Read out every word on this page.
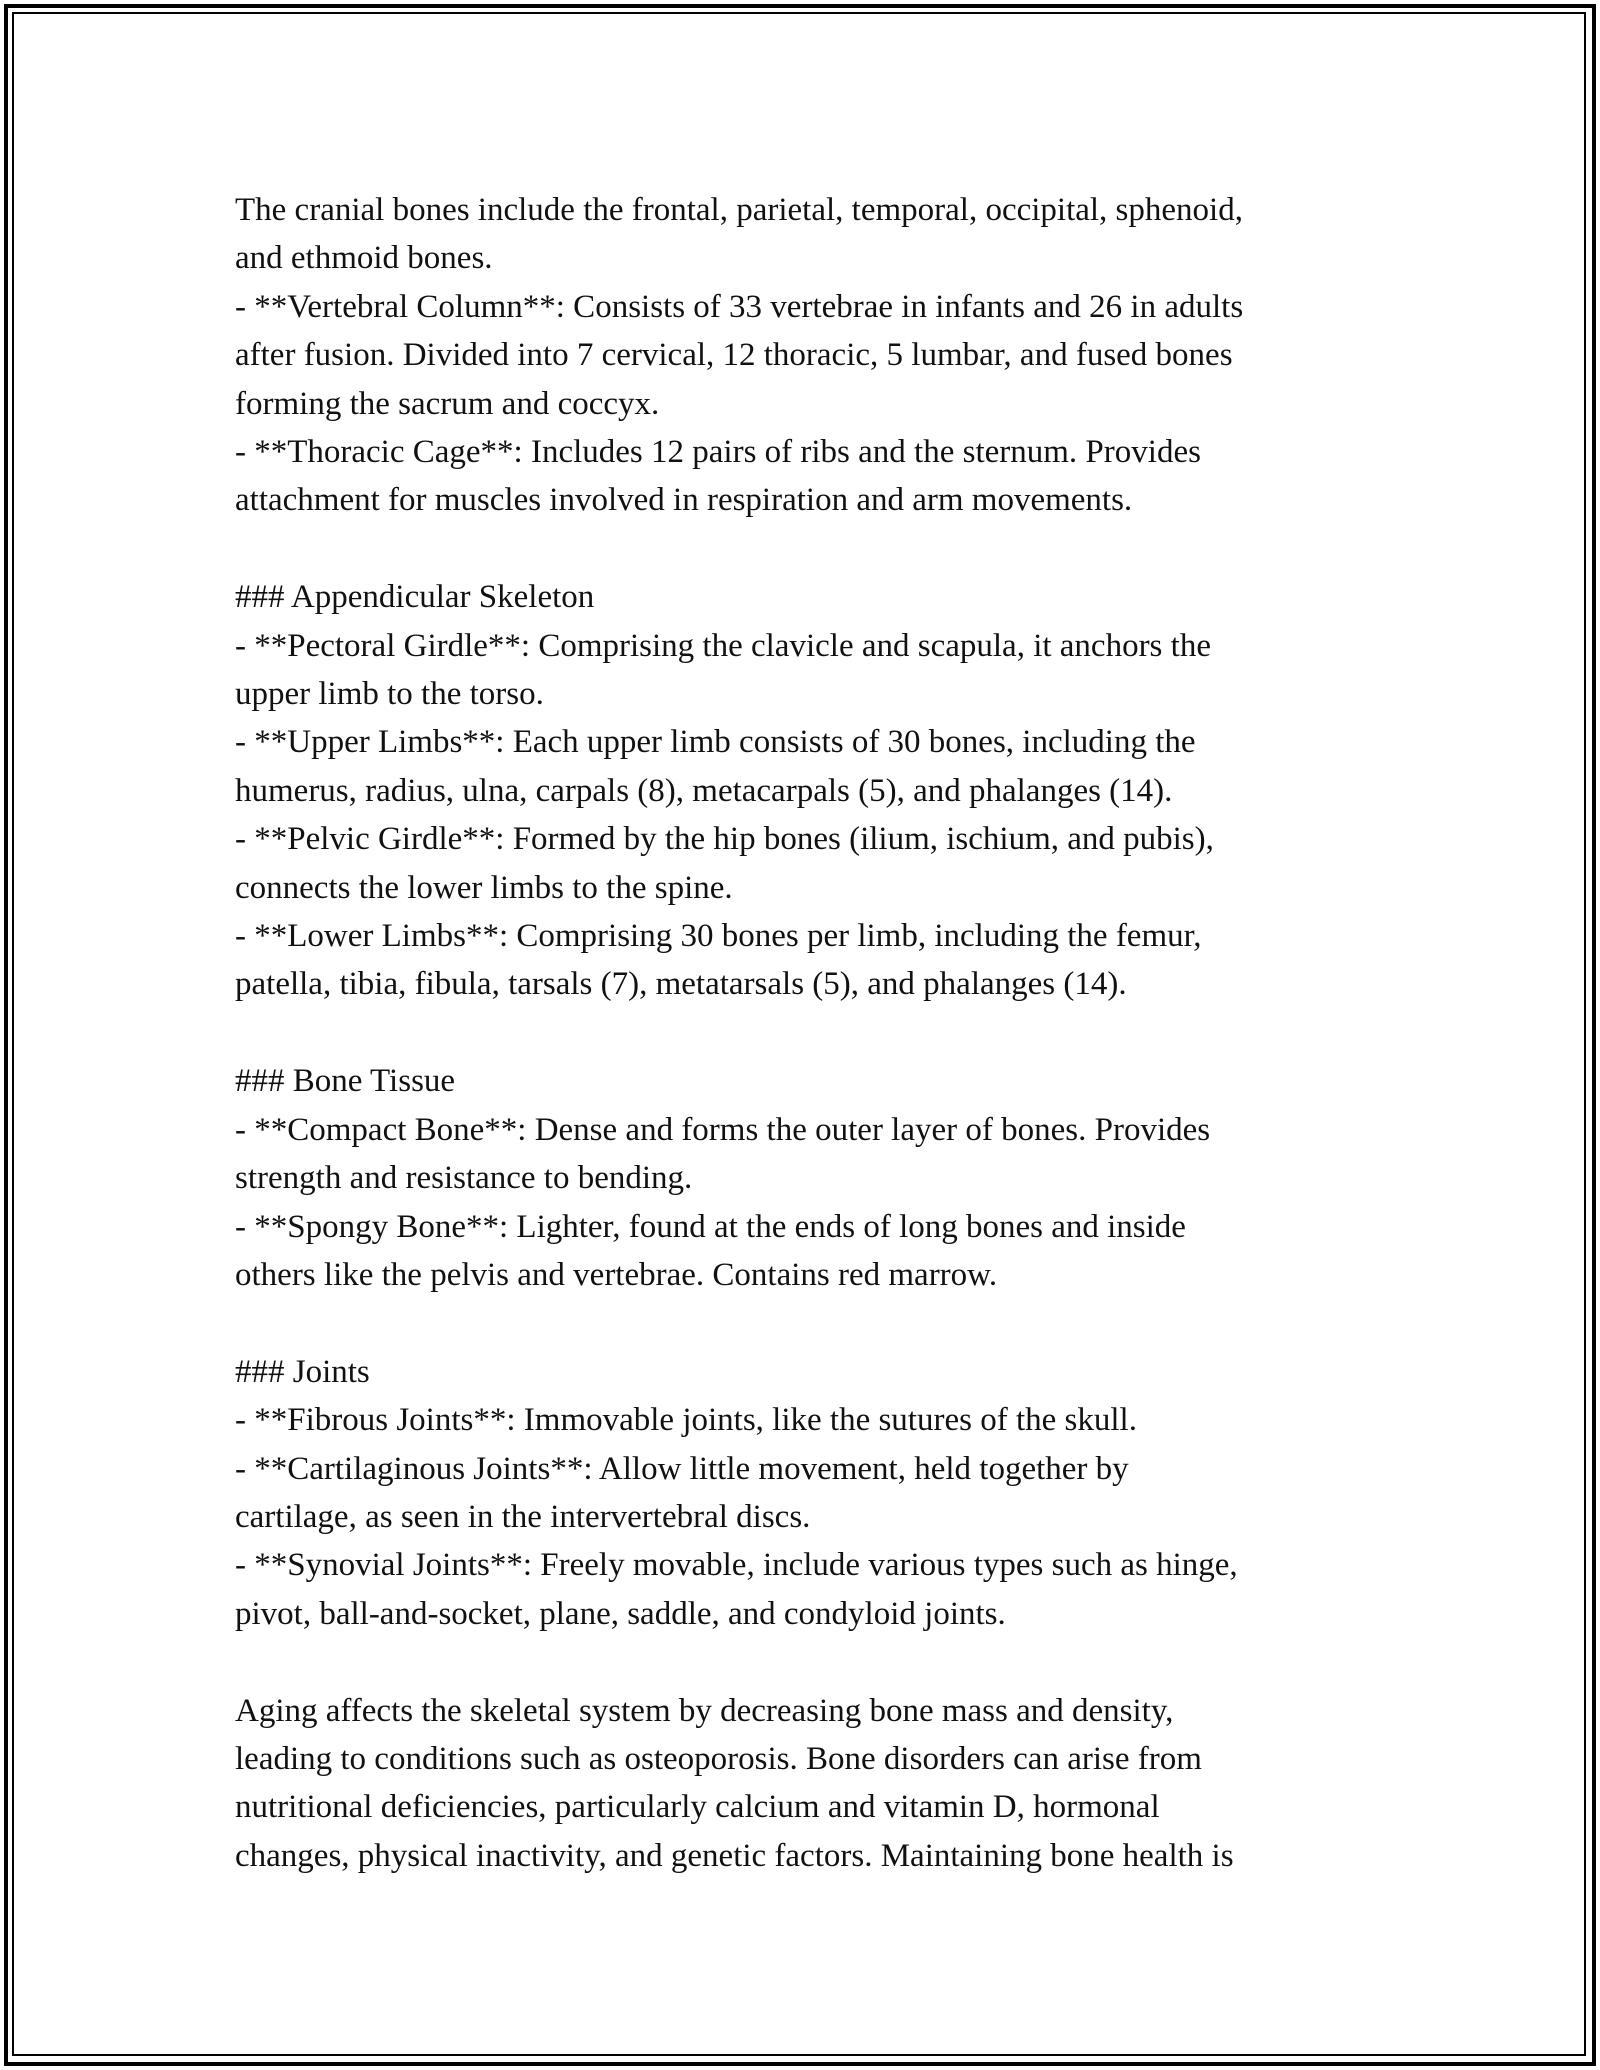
The cranial bones include the frontal, parietal, temporal, occipital, sphenoid,

and ethmoid bones.

- **Vertebral Column**: Consists of 33 vertebrae in infants and 26 in adults

after fusion. Divided into 7 cervical, 12 thoracic, 5 lumbar, and fused bones

forming the sacrum and coccyx.

- **Thoracic Cage**: Includes 12 pairs of ribs and the sternum. Provides

attachment for muscles involved in respiration and arm movements.

### Appendicular Skeleton

- **Pectoral Girdle**: Comprising the clavicle and scapula, it anchors the

upper limb to the torso.

- **Upper Limbs**: Each upper limb consists of 30 bones, including the

humerus, radius, ulna, carpals (8), metacarpals (5), and phalanges (14).

- **Pelvic Girdle**: Formed by the hip bones (ilium, ischium, and pubis),

connects the lower limbs to the spine.

- **Lower Limbs**: Comprising 30 bones per limb, including the femur,

patella, tibia, fibula, tarsals (7), metatarsals (5), and phalanges (14).

### Bone Tissue

- **Compact Bone**: Dense and forms the outer layer of bones. Provides

strength and resistance to bending.

- **Spongy Bone**: Lighter, found at the ends of long bones and inside

others like the pelvis and vertebrae. Contains red marrow.

### Joints

- **Fibrous Joints**: Immovable joints, like the sutures of the skull.

- **Cartilaginous Joints**: Allow little movement, held together by

cartilage, as seen in the intervertebral discs.

- **Synovial Joints**: Freely movable, include various types such as hinge,

pivot, ball-and-socket, plane, saddle, and condyloid joints.

Aging affects the skeletal system by decreasing bone mass and density,

leading to conditions such as osteoporosis. Bone disorders can arise from

nutritional deficiencies, particularly calcium and vitamin D, hormonal

changes, physical inactivity, and genetic factors. Maintaining bone health is
